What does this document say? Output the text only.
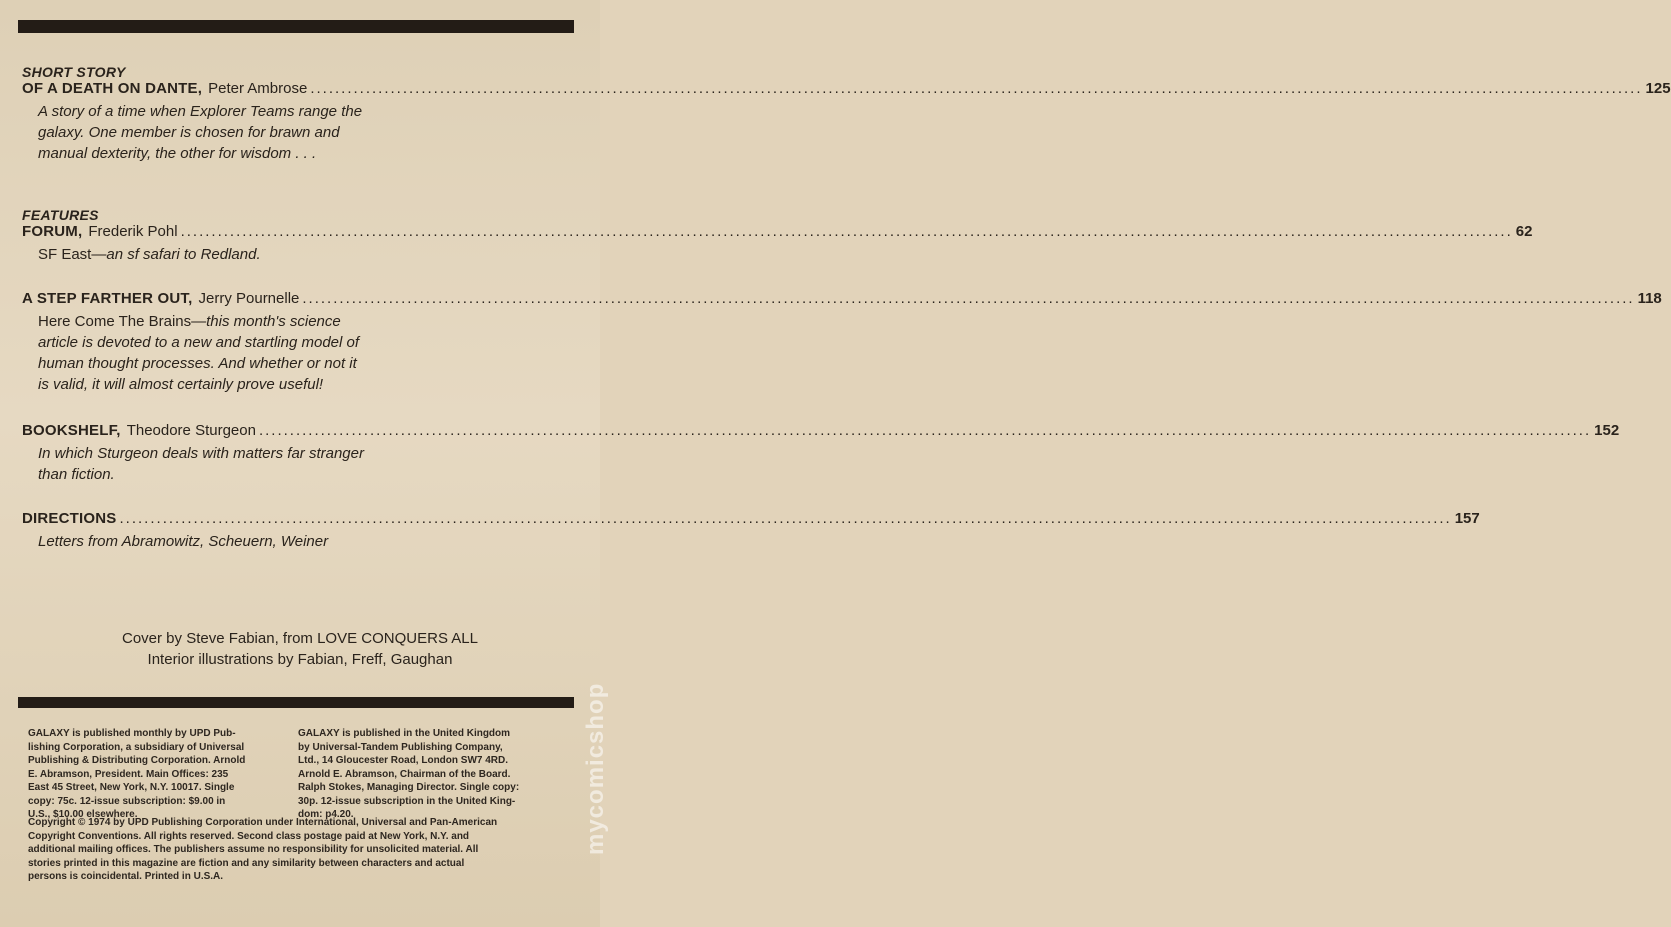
SHORT STORY
OF A DEATH ON DANTE, Peter Ambrose .....	125
A story of a time when Explorer Teams range the
galaxy. One member is chosen for brawn and
manual dexterity, the other for wisdom . . .
FEATURES
FORUM, Frederik Pohl .....	62
SF East—an sf safari to Redland.
A STEP FARTHER OUT, Jerry Pournelle .....	118
Here Come The Brains—this month's science
article is devoted to a new and startling model of
human thought processes. And whether or not it
is valid, it will almost certainly prove useful!
BOOKSHELF, Theodore Sturgeon .....	152
In which Sturgeon deals with matters far stranger
than fiction.
DIRECTIONS .....	157
Letters from Abramowitz, Scheuern, Weiner
Cover by Steve Fabian, from LOVE CONQUERS ALL
Interior illustrations by Fabian, Freff, Gaughan
GALAXY is published monthly by UPD Pub-
lishing Corporation, a subsidiary of Universal
Publishing & Distributing Corporation. Arnold
E. Abramson, President. Main Offices: 235
East 45 Street, New York, N.Y. 10017. Single
copy: 75c. 12-issue subscription: $9.00 in
U.S., $10.00 elsewhere.
GALAXY is published in the United Kingdom
by Universal-Tandem Publishing Company,
Ltd., 14 Gloucester Road, London SW7 4RD.
Arnold E. Abramson, Chairman of the Board.
Ralph Stokes, Managing Director. Single copy:
30p. 12-issue subscription in the United King-
dom: p4.20.
Copyright © 1974 by UPD Publishing Corporation under International, Universal and Pan-American
Copyright Conventions. All rights reserved. Second class postage paid at New York, N.Y. and
additional mailing offices. The publishers assume no responsibility for unsolicited material. All
stories printed in this magazine are fiction and any similarity between characters and actual
persons is coincidental. Printed in U.S.A.
mycomicshop
